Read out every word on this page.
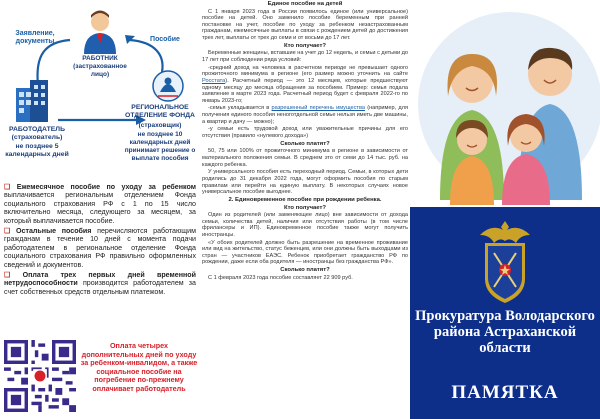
Заявление, документы	Пособие
РАБОТНИК (застрахованное лицо)
РАБОТОДАТЕЛЬ (страхователь)
не позднее 5 календарных дней
РЕГИОНАЛЬНОЕ ОТДЕЛЕНИЕ ФОНДА
(страховщик)
не позднее 10 календарных дней принимает решение о выплате пособия
❑ Ежемесячное пособие по уходу за ребенком выплачивается региональным отделением Фонда социального страхования РФ с 1 по 15 число включительно месяца, следующего за месяцем, за который выплачивается пособие.
❑ Остальные пособия перечисляются работающим гражданам в течение 10 дней с момента подачи работодателем в региональное отделение Фонда социального страхования РФ правильно оформленных сведений и документов.
❑ Оплата трех первых дней временной нетрудоспособности производится работодателем за счет собственных средств отдельным платежом.
Оплата четырех дополнительных дней по уходу за ребенком-инвалидом, а также социальное пособие на погребение по-прежнему оплачивает работодатель
Единое пособие на детей

С 1 января 2023 года в России появилось единое (или универсальное) пособие на детей. Оно заменило пособие беременным при ранней постановке на учет, пособие по уходу за ребенком незастрахованным гражданам, ежемесячные выплаты в связи с рождением детей до достижения трех лет, выплаты от трех до семи и от восьми до 17 лет.

Кто получает?

Беременные женщины, вставшие на учет до 12 недель, и семьи с детьми до 17 лет при соблюдении ряда условий:

-средний доход на человека в расчетном периоде не превышает одного прожиточного минимума в регионе (его размер можно уточнить на сайте Росстата). Расчетный период — это 12 месяцев, которые предшествуют одному месяцу до месяца обращения за пособием. Пример: семья подала заявление в марте 2023 года. Расчетный период будет с февраля 2022-го по январь 2023-го;

-семья укладывается в разрешенный перечень имущества (например, для получения единого пособия неноготдельной семье нельзя иметь две машины, а квартир и дачу — можно);

-у семьи есть трудовой доход или уважительные причины для его отсутствия (правило «нулевого дохода»)

Сколько платят?

50, 75 или 100% от прожиточного минимума в регионе в зависимости от материального положения семьи. В среднем это от семи до 14 тыс. руб. на каждого ребенка.

У универсального пособия есть переходный период. Семьи, в которых дети родились до 31 декабря 2022 года, могут оформить пособия по старым правилам или перейти на единую выплату. В некоторых случаях новое универсальное пособие выгоднее.

2. Единовременное пособие при рождении ребенка.
Кто получает?

Один из родителей (или заменяющее лицо) вне зависимости от дохода семьи, количества детей, наличия или отсутствия работы (в том числе фрилансеры и ИП). Единовременное пособие также могут получить иностранцы.

«У обоих родителей должно быть разрешение на временное проживание или вид на жительство, статус беженцев, или они должны быть выходцами из стран — участников ЕАЭС. Ребенок приобретает гражданство РФ по рождении, даже если оба родителя — иностранцы без гражданства РФ».

Сколько платят?

С 1 февраля 2023 года пособие составляет 22 909 руб.

Прокуратура Володарского района Астраханской области
ПАМЯТКА
